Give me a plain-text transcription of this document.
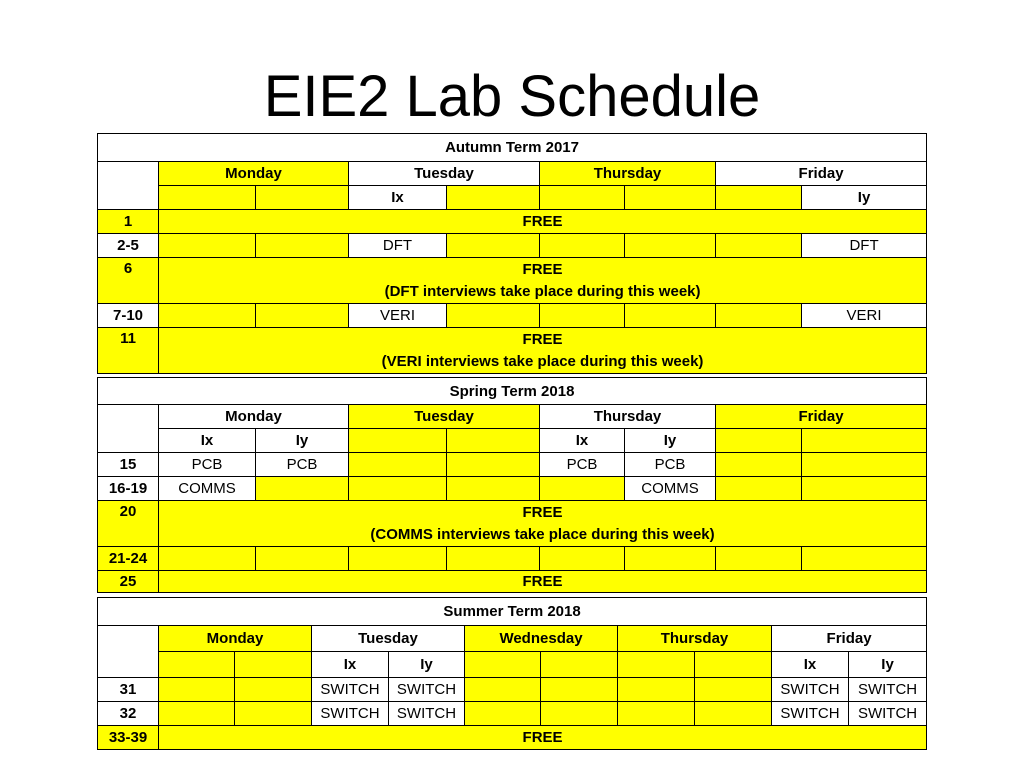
EIE2 Lab Schedule
Autumn Term 2017								
	Monday		Tuesday		Thursday		Friday	
			Ix					Iy
1	FREE							
2-5			DFT					DFT
6	FREE
(DFT interviews take place during this week)							

7-10			VERI					VERI
11	FREE
(VERI interviews take place during this week)							
Spring Term 2018								
	Monday		Tuesday		Thursday		Friday	
	Ix	Iy			Ix	Iy		
15	PCB	PCB			PCB	PCB		
16-19	COMMS					COMMS		
20	FREE
(COMMS interviews take place during this week)							

21-24								
25	FREE							
Summer Term 2018										
	Monday		Tuesday		Wednesday		Thursday		Friday	
			Ix	Iy					Ix	Iy
31			SWITCH	SWITCH					SWITCH	SWITCH
32			SWITCH	SWITCH					SWITCH	SWITCH
33-39	FREE									
